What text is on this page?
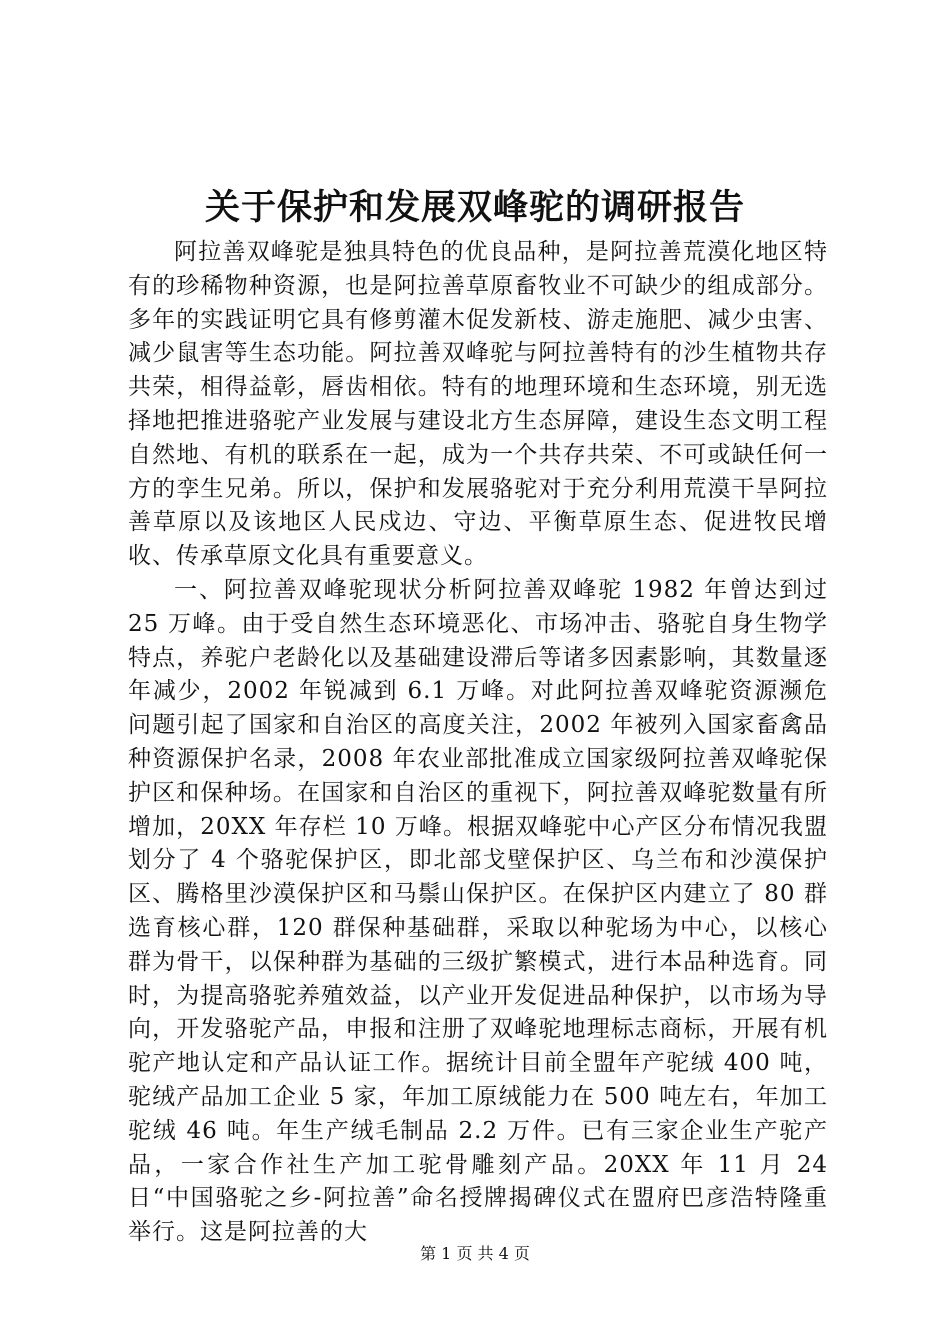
关于保护和发展双峰驼的调研报告

阿拉善双峰驼是独具特色的优良品种，是阿拉善荒漠化地区特有的珍稀物种资源，也是阿拉善草原畜牧业不可缺少的组成部分。多年的实践证明它具有修剪灌木促发新枝、游走施肥、减少虫害、减少鼠害等生态功能。阿拉善双峰驼与阿拉善特有的沙生植物共存共荣，相得益彰，唇齿相依。特有的地理环境和生态环境，别无选择地把推进骆驼产业发展与建设北方生态屏障，建设生态文明工程自然地、有机的联系在一起，成为一个共存共荣、不可或缺任何一方的孪生兄弟。所以，保护和发展骆驼对于充分利用荒漠干旱阿拉善草原以及该地区人民戍边、守边、平衡草原生态、促进牧民增收、传承草原文化具有重要意义。

一、阿拉善双峰驼现状分析阿拉善双峰驼 1982 年曾达到过 25 万峰。由于受自然生态环境恶化、市场冲击、骆驼自身生物学特点，养驼户老龄化以及基础建设滞后等诸多因素影响，其数量逐年减少，2002 年锐减到 6.1 万峰。对此阿拉善双峰驼资源濒危问题引起了国家和自治区的高度关注，2002 年被列入国家畜禽品种资源保护名录，2008 年农业部批准成立国家级阿拉善双峰驼保护区和保种场。在国家和自治区的重视下，阿拉善双峰驼数量有所增加，20XX 年存栏 10 万峰。根据双峰驼中心产区分布情况我盟划分了 4 个骆驼保护区，即北部戈壁保护区、乌兰布和沙漠保护区、腾格里沙漠保护区和马鬃山保护区。在保护区内建立了 80 群选育核心群，120 群保种基础群，采取以种驼场为中心，以核心群为骨干，以保种群为基础的三级扩繁模式，进行本品种选育。同时，为提高骆驼养殖效益，以产业开发促进品种保护，以市场为导向，开发骆驼产品，申报和注册了双峰驼地理标志商标，开展有机驼产地认定和产品认证工作。据统计目前全盟年产驼绒 400 吨，驼绒产品加工企业 5 家，年加工原绒能力在 500 吨左右，年加工驼绒 46 吨。年生产绒毛制品 2.2 万件。已有三家企业生产驼产品，一家合作社生产加工驼骨雕刻产品。20XX 年 11 月 24 日“中国骆驼之乡-阿拉善”命名授牌揭碑仪式在盟府巴彦浩特隆重举行。这是阿拉善的大

第 1 页 共 4 页
